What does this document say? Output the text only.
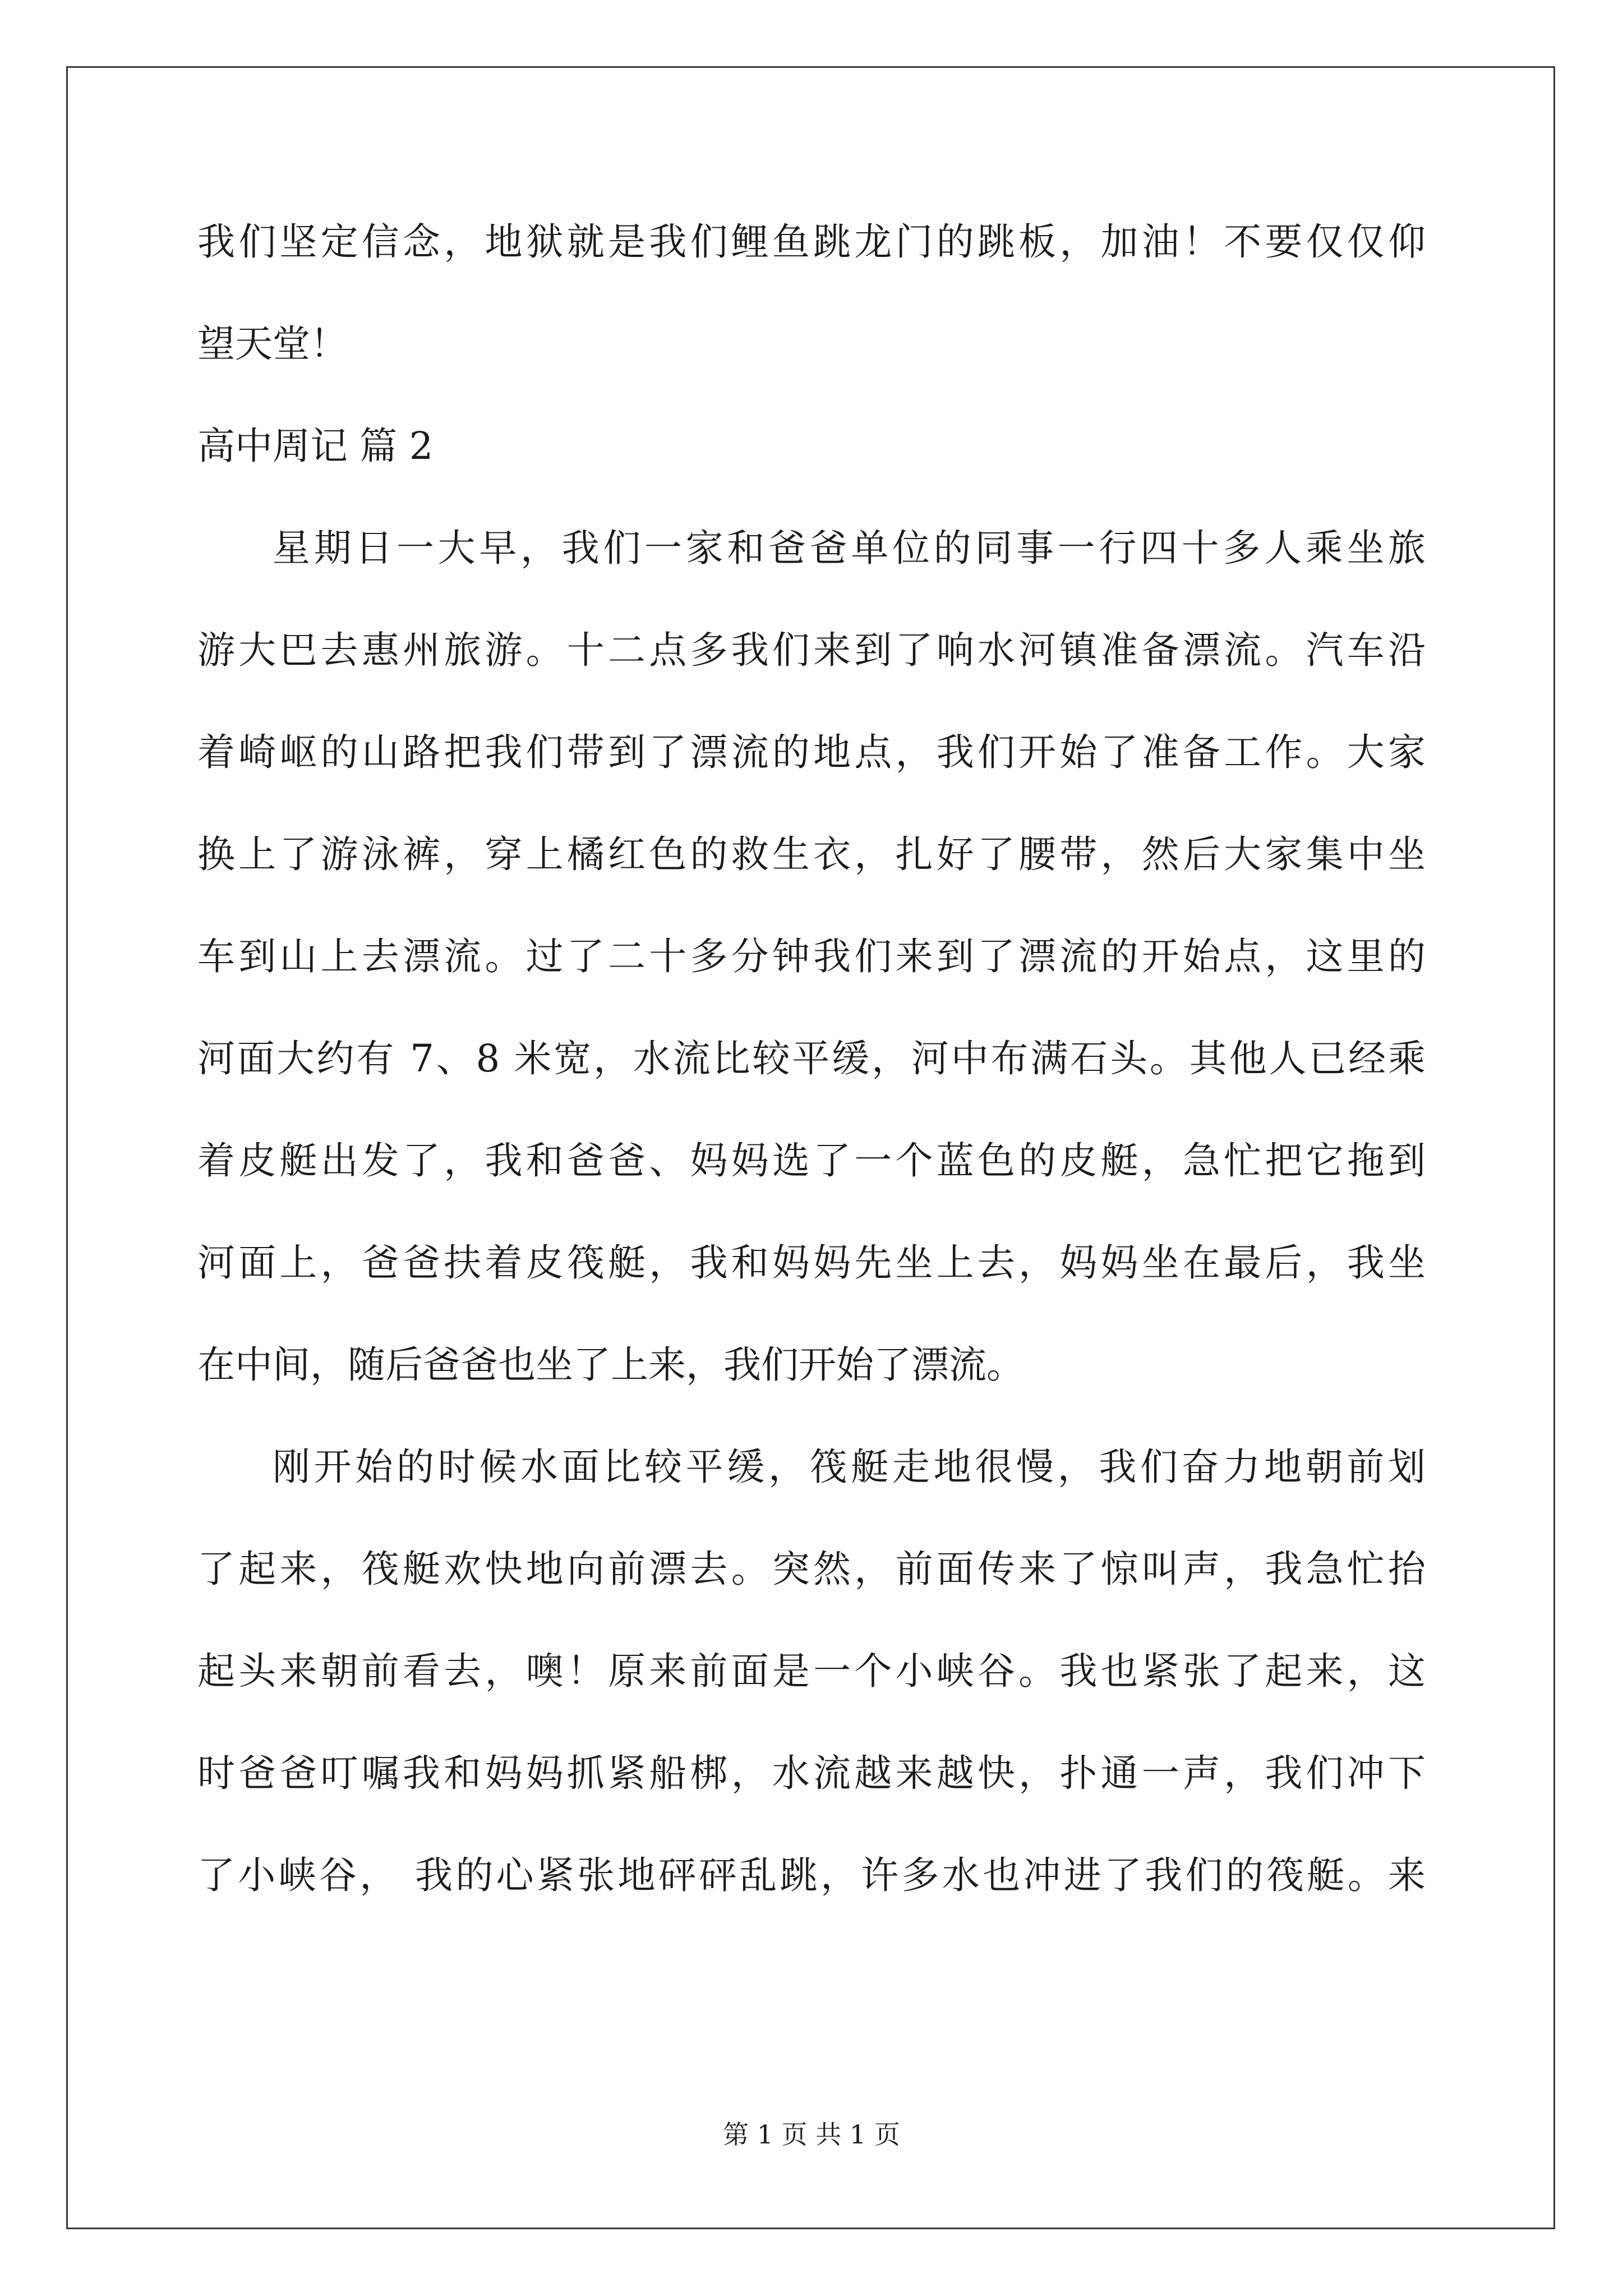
我们坚定信念，地狱就是我们鲤鱼跳龙门的跳板，加油！不要仅仅仰
望天堂！
高中周记 篇 2
星期日一大早，我们一家和爸爸单位的同事一行四十多人乘坐旅
游大巴去惠州旅游。十二点多我们来到了响水河镇准备漂流。汽车沿
着崎岖的山路把我们带到了漂流的地点，我们开始了准备工作。大家
换上了游泳裤，穿上橘红色的救生衣，扎好了腰带，然后大家集中坐
车到山上去漂流。过了二十多分钟我们来到了漂流的开始点，这里的
河面大约有 7、8 米宽，水流比较平缓，河中布满石头。其他人已经乘
着皮艇出发了，我和爸爸、妈妈选了一个蓝色的皮艇，急忙把它拖到
河面上，爸爸扶着皮筏艇，我和妈妈先坐上去，妈妈坐在最后，我坐
在中间，随后爸爸也坐了上来，我们开始了漂流。
刚开始的时候水面比较平缓，筏艇走地很慢，我们奋力地朝前划
了起来，筏艇欢快地向前漂去。突然，前面传来了惊叫声，我急忙抬
起头来朝前看去，噢！原来前面是一个小峡谷。我也紧张了起来，这
时爸爸叮嘱我和妈妈抓紧船梆，水流越来越快，扑通一声，我们冲下
了小峡谷， 我的心紧张地砰砰乱跳，许多水也冲进了我们的筏艇。来
第 1 页 共 1 页
